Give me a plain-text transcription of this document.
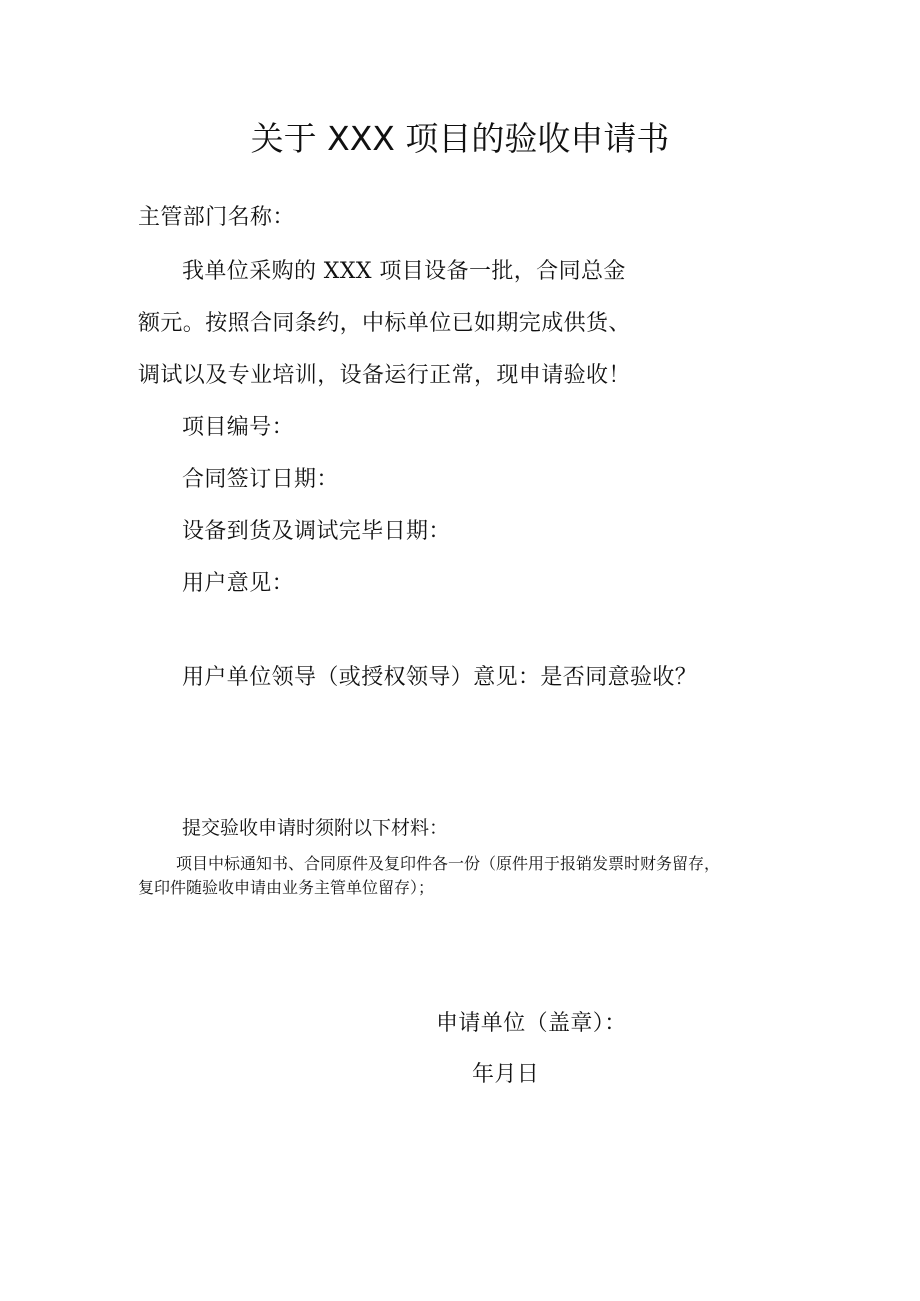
关于 XXX 项目的验收申请书

主管部门名称：

我单位采购的 XXX 项目设备一批，合同总金

额元。按照合同条约，中标单位已如期完成供货、

调试以及专业培训，设备运行正常，现申请验收！

项目编号：

合同签订日期：

设备到货及调试完毕日期：

用户意见：

用户单位领导（或授权领导）意见：是否同意验收？

提交验收申请时须附以下材料：

项目中标通知书、合同原件及复印件各一份（原件用于报销发票时财务留存，

复印件随验收申请由业务主管单位留存）；

申请单位（盖章）：

年月日
